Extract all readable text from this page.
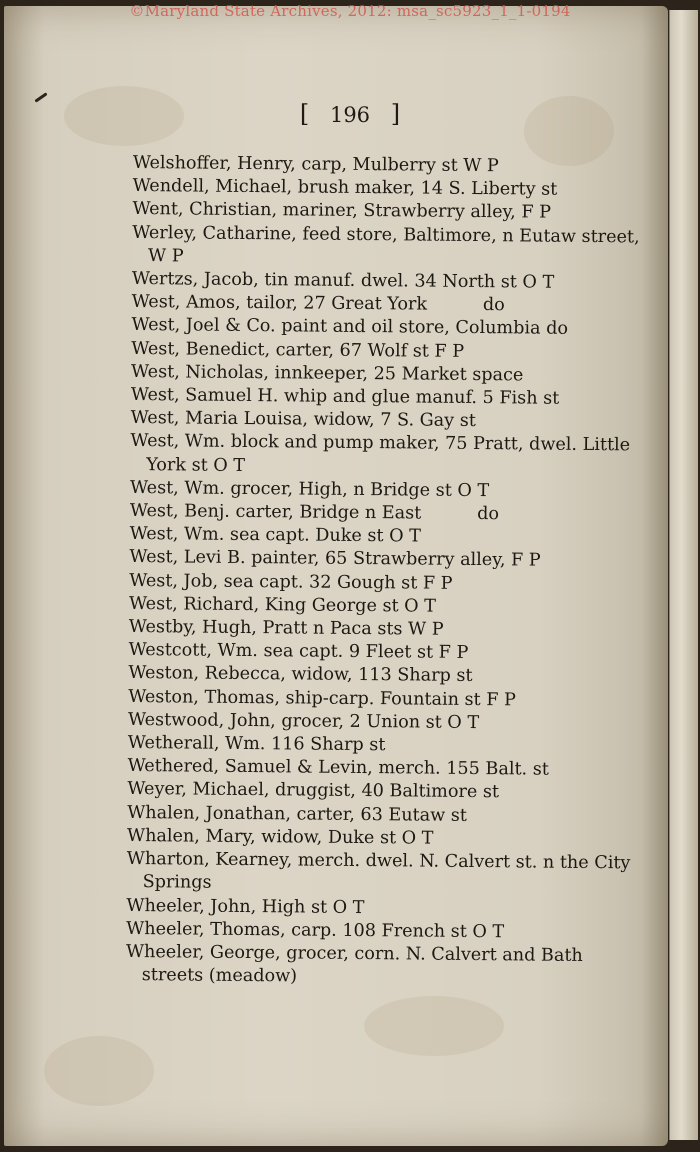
©Maryland State Archives, 2012: msa_sc5923_1_1-0194
[ 196 ]
Welshoffer, Henry, carp, Mulberry st W P
Wendell, Michael, brush maker, 14 S. Liberty st
Went, Christian, mariner, Strawberry alley, F P
Werley, Catharine, feed store, Baltimore, n Eutaw street, W P
Wertzs, Jacob, tin manuf. dwel. 34 North st O T
West, Amos, tailor, 27 Great York          do
West, Joel & Co. paint and oil store, Columbia do
West, Benedict, carter, 67 Wolf st F P
West, Nicholas, innkeeper, 25 Market space
West, Samuel H. whip and glue manuf. 5 Fish st
West, Maria Louisa, widow, 7 S. Gay st
West, Wm. block and pump maker, 75 Pratt, dwel. Little York st O T
West, Wm. grocer, High, n Bridge st O T
West, Benj. carter, Bridge n East          do
West, Wm. sea capt. Duke st O T
West, Levi B. painter, 65 Strawberry alley, F P
West, Job, sea capt. 32 Gough st F P
West, Richard, King George st O T
Westby, Hugh, Pratt n Paca sts W P
Westcott, Wm. sea capt. 9 Fleet st F P
Weston, Rebecca, widow, 113 Sharp st
Weston, Thomas, ship-carp. Fountain st F P
Westwood, John, grocer, 2 Union st O T
Wetherall, Wm. 116 Sharp st
Wethered, Samuel & Levin, merch. 155 Balt. st
Weyer, Michael, druggist, 40 Baltimore st
Whalen, Jonathan, carter, 63 Eutaw st
Whalen, Mary, widow, Duke st O T
Wharton, Kearney, merch. dwel. N. Calvert st. n the City Springs
Wheeler, John, High st O T
Wheeler, Thomas, carp. 108 French st O T
Wheeler, George, grocer, corn. N. Calvert and Bath streets (meadow)
